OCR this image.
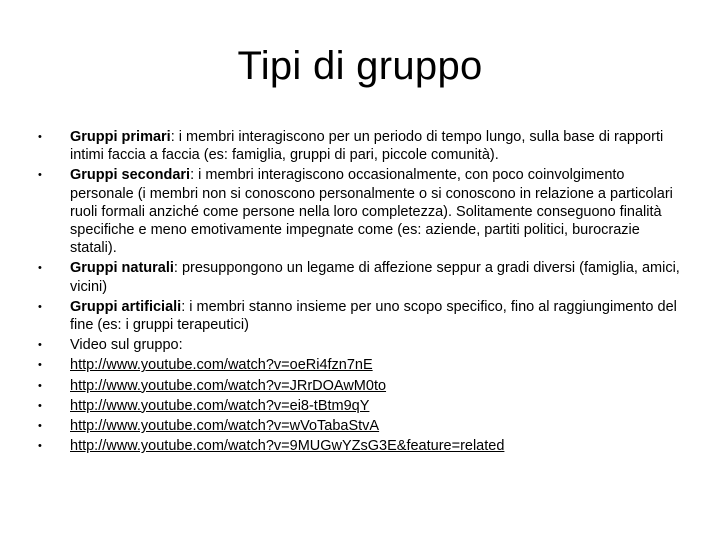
Tipi di gruppo
• Gruppi primari: i membri interagiscono per un periodo di tempo lungo, sulla base di rapporti intimi faccia a faccia (es: famiglia, gruppi di pari, piccole comunità).
• Gruppi secondari: i membri interagiscono occasionalmente, con poco coinvolgimento personale (i membri non si conoscono personalmente o si conoscono in relazione a particolari ruoli formali anziché come persone nella loro completezza). Solitamente conseguono finalità specifiche e meno emotivamente impegnate come (es: aziende, partiti politici, burocrazie statali).
• Gruppi naturali: presuppongono un legame di affezione seppur a gradi diversi (famiglia, amici, vicini)
• Gruppi artificiali: i membri stanno insieme per uno scopo specifico, fino al raggiungimento del fine (es: i gruppi terapeutici)
• Video sul gruppo:
• http://www.youtube.com/watch?v=oeRi4fzn7nE
• http://www.youtube.com/watch?v=JRrDOAwM0to
• http://www.youtube.com/watch?v=ei8-tBtm9qY
• http://www.youtube.com/watch?v=wVoTabaStvA
• http://www.youtube.com/watch?v=9MUGwYZsG3E&feature=related
